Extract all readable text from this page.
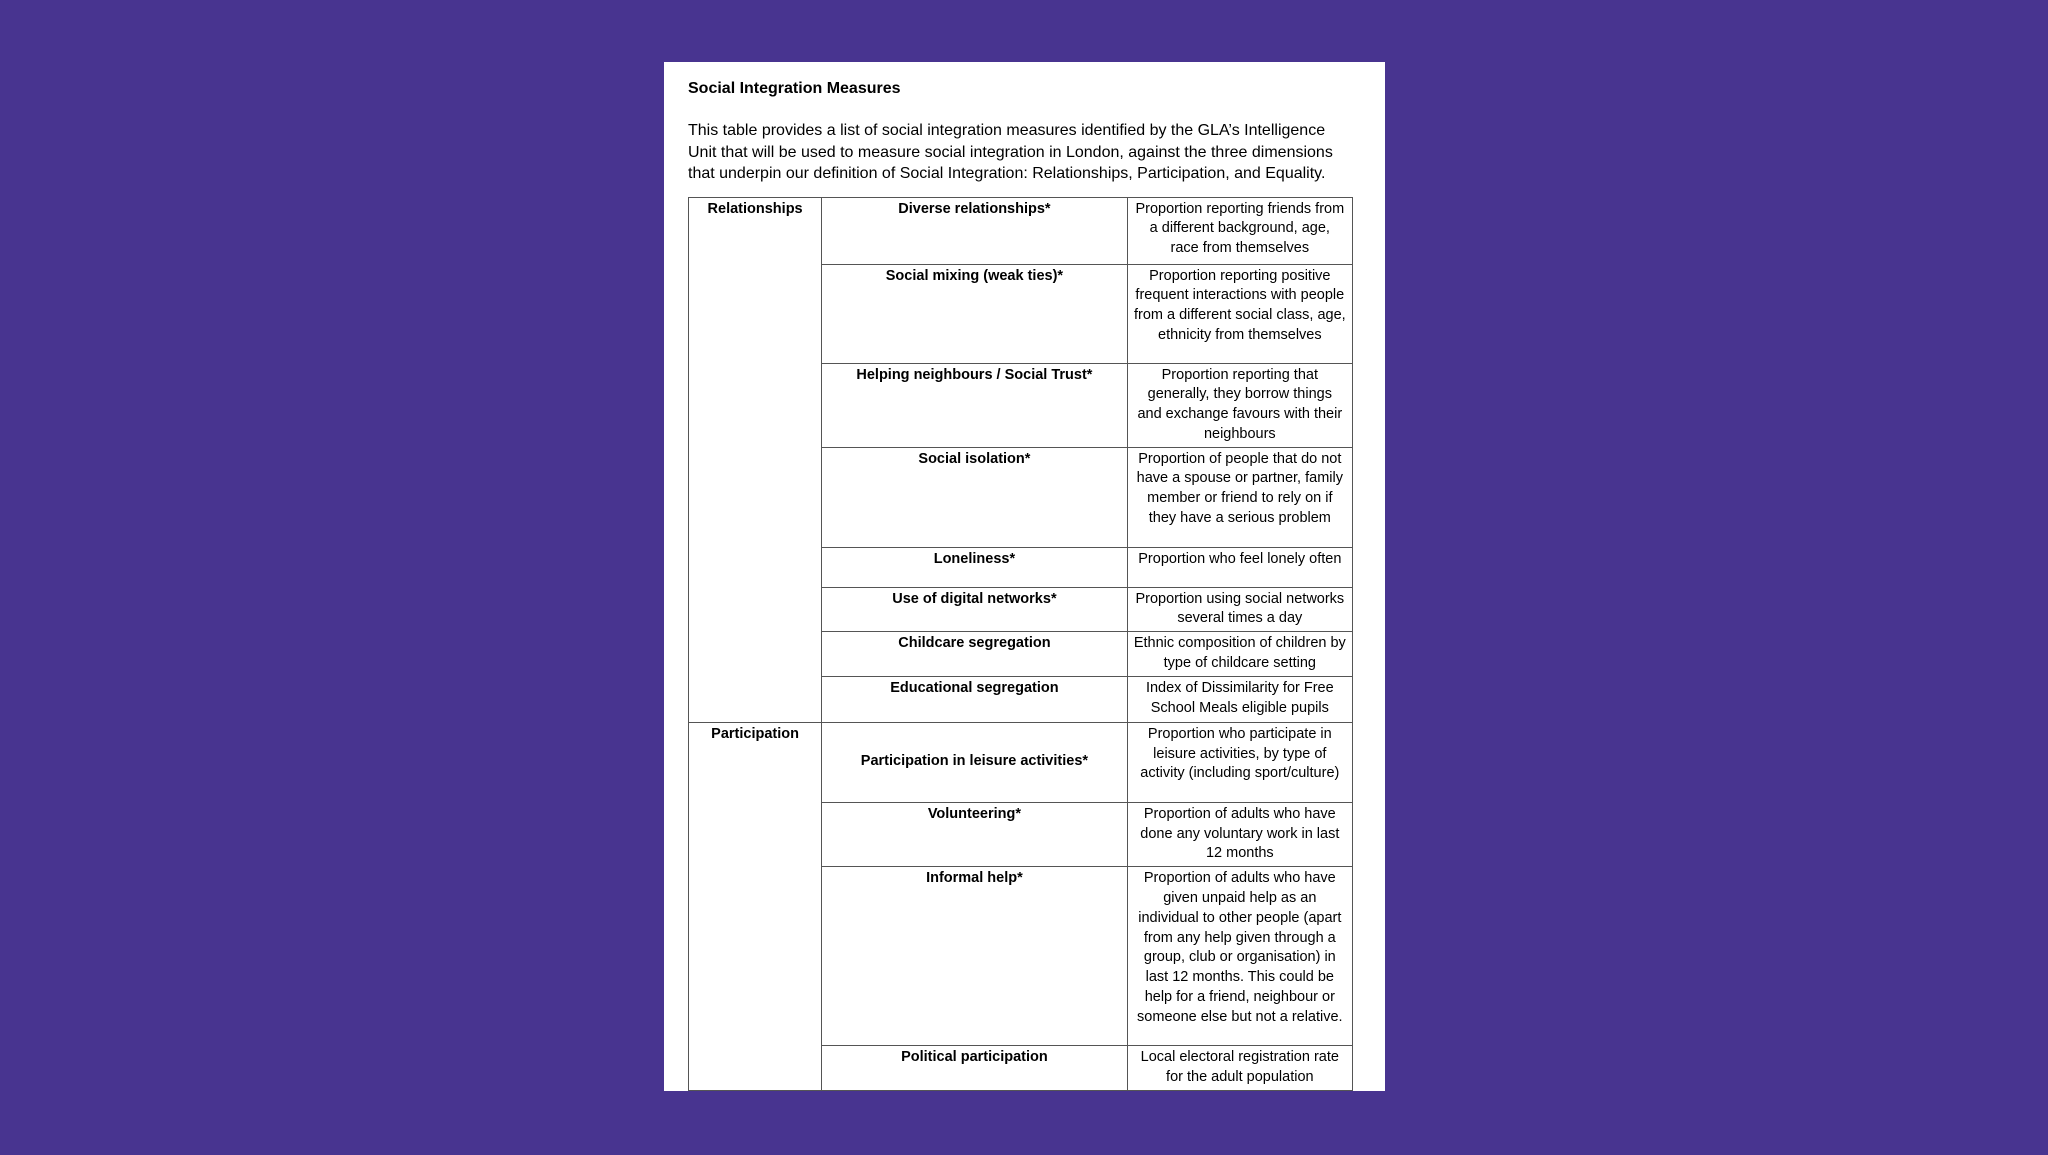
Social Integration Measures

This table provides a list of social integration measures identified by the GLA’s Intelligence Unit that will be used to measure social integration in London, against the three dimensions that underpin our definition of Social Integration: Relationships, Participation, and Equality.

Relationships	Diverse relationships*	Proportion reporting friends from a different background, age, race from themselves
	Social mixing (weak ties)*	Proportion reporting positive frequent interactions with people from a different social class, age, ethnicity from themselves
	Helping neighbours / Social Trust*	Proportion reporting that generally, they borrow things and exchange favours with their neighbours
	Social isolation*	Proportion of people that do not have a spouse or partner, family member or friend to rely on if they have a serious problem
	Loneliness*	Proportion who feel lonely often
	Use of digital networks*	Proportion using social networks several times a day
	Childcare segregation	Ethnic composition of children by type of childcare setting
	Educational segregation	Index of Dissimilarity for Free School Meals eligible pupils
Participation	Participation in leisure activities*	Proportion who participate in leisure activities, by type of activity (including sport/culture)
	Volunteering*	Proportion of adults who have done any voluntary work in last 12 months
	Informal help*	Proportion of adults who have given unpaid help as an individual to other people (apart from any help given through a group, club or organisation) in last 12 months. This could be help for a friend, neighbour or someone else but not a relative.
	Political participation	Local electoral registration rate for the adult population
